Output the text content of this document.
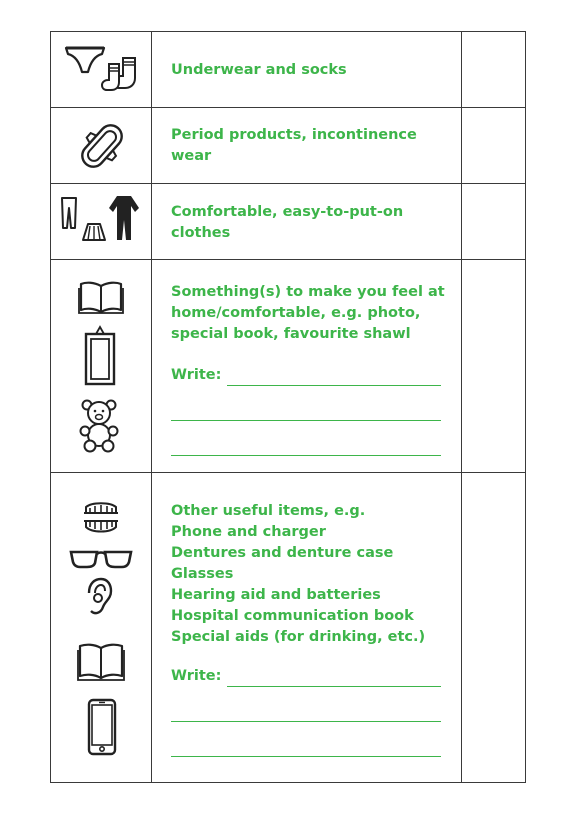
Underwear and socks
Period products, incontinence
wear
Comfortable, easy-to-put-on
clothes
Something(s) to make you feel at
home/comfortable, e.g. photo,
special book, favourite shawl
Write:
Other useful items, e.g.
Phone and charger
Dentures and denture case
Glasses
Hearing aid and batteries
Hospital communication book
Special aids (for drinking, etc.)
Write:
